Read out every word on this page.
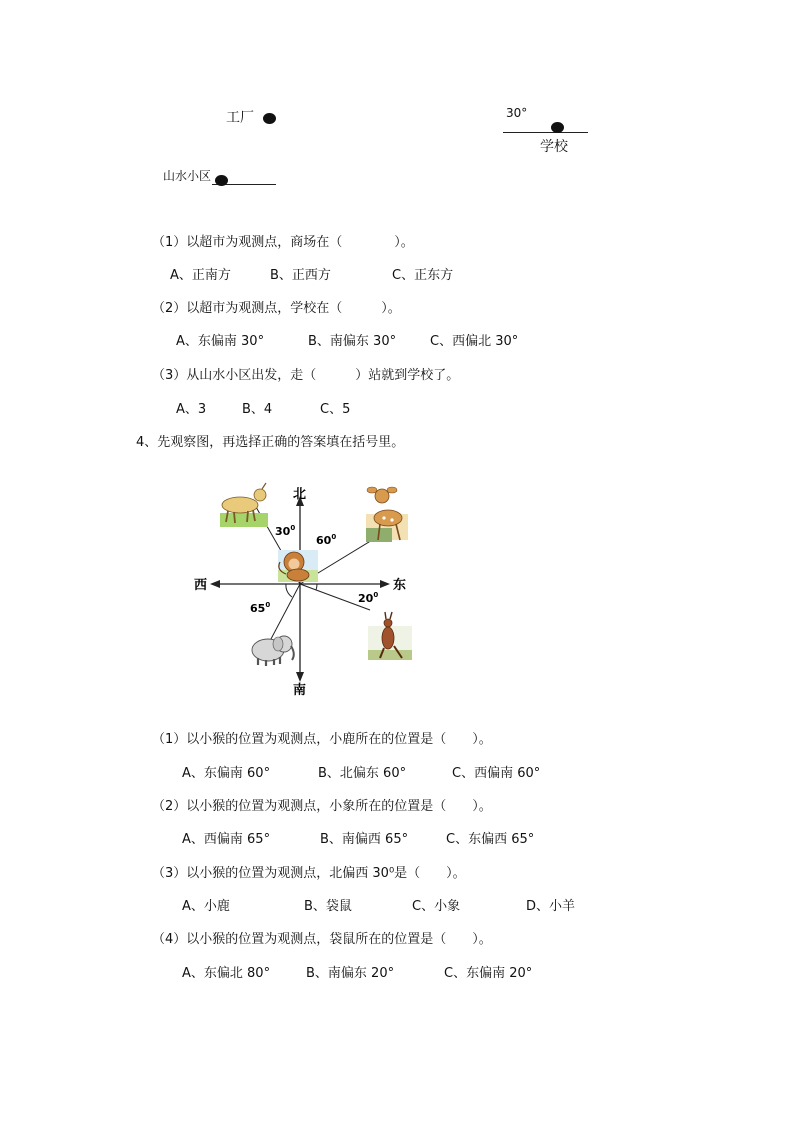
工厂	30°
学校
山水小区
（1）以超市为观测点，商场在（　　　　）。
A、正南方	B、正西方	C、正东方
（2）以超市为观测点，学校在（　　　）。
A、东偏南 30°	B、南偏东 30°	C、西偏北 30°
（3）从山水小区出发，走（　　　）站就到学校了。
A、3	B、4	C、5
4、先观察图，再选择正确的答案填在括号里。
北
南
东
西
$30^0$
$60^0$
$65^0$	$20^0$
（1）以小猴的位置为观测点，小鹿所在的位置是（　　）。
A、东偏南 60°	B、北偏东 60°	C、西偏南 60°
（2）以小猴的位置为观测点，小象所在的位置是（　　）。
A、西偏南 65°	B、南偏西 65°	C、东偏西 65°
（3）以小猴的位置为观测点，北偏西 30⁰是（　　）。
A、小鹿	B、袋鼠	C、小象	D、小羊
（4）以小猴的位置为观测点，袋鼠所在的位置是（　　）。
A、东偏北 80°	B、南偏东 20°	C、东偏南 20°
